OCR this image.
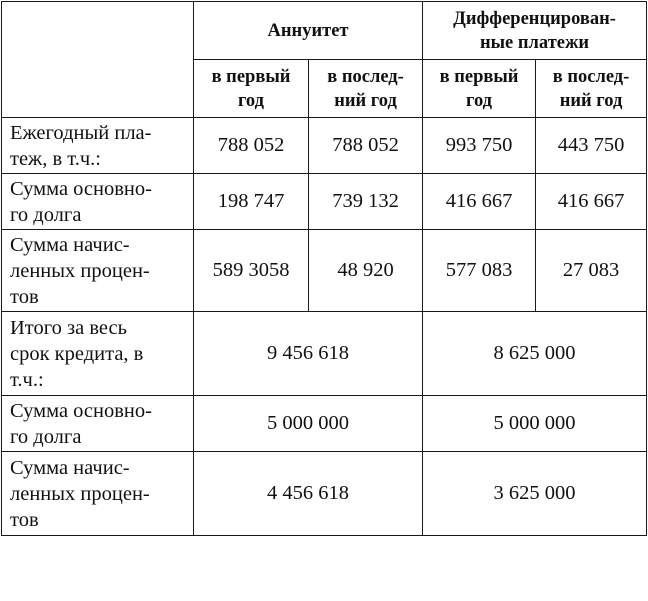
	Аннуитет		Дифференцирован-
ные платежи	
	в первый
год	в послед-
ний год	в первый
год	в послед-
ний год
Ежегодный пла-
теж, в т.ч.:	788 052	788 052	993 750	443 750
Сумма основно-
го долга	198 747	739 132	416 667	416 667
Сумма начис-
ленных процен-
тов	589 3058	48 920	577 083	27 083
Итого за весь
срок кредита, в
т.ч.:	9 456 618		8 625 000	
Сумма основно-
го долга	5 000 000		5 000 000	
Сумма начис-
ленных процен-
тов	4 456 618		3 625 000	
